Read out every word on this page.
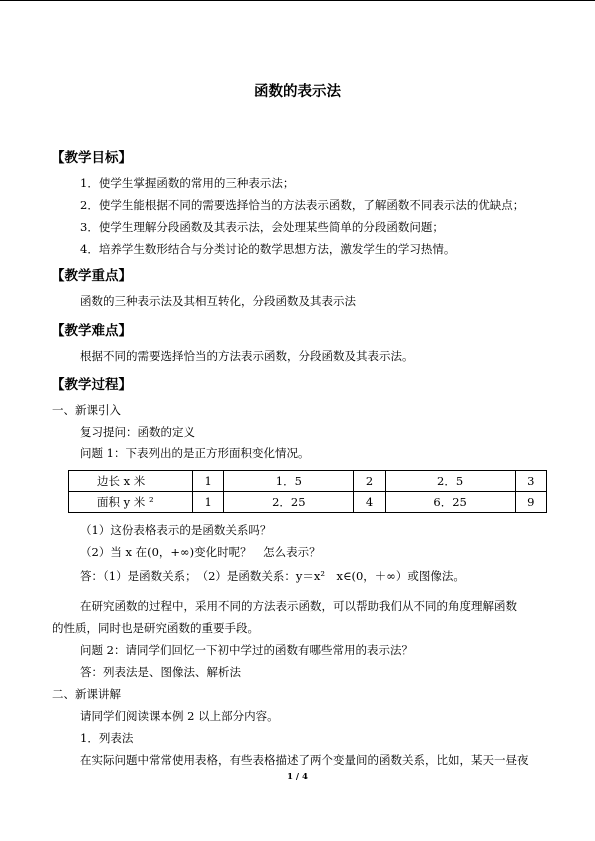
函数的表示法
【教学目标】
1．使学生掌握函数的常用的三种表示法；
2．使学生能根据不同的需要选择恰当的方法表示函数，了解函数不同表示法的优缺点；
3．使学生理解分段函数及其表示法，会处理某些简单的分段函数问题；
4．培养学生数形结合与分类讨论的数学思想方法，激发学生的学习热情。
【教学重点】
函数的三种表示法及其相互转化，分段函数及其表示法
【教学难点】
根据不同的需要选择恰当的方法表示函数，分段函数及其表示法。
【教学过程】
一、新课引入
复习提问：函数的定义
问题 1：下表列出的是正方形面积变化情况。
边长 x 米	1	1．5	2	2．5	3
面积 y 米 ²	1	2．25	4	6．25	9
（1）这份表格表示的是函数关系吗？
（2）当 x 在(0，+∞)变化时呢？　怎么表示？
答：（1）是函数关系；　（2）是函数关系：y＝x²　x∈(0，＋∞）或图像法。
在研究函数的过程中，采用不同的方法表示函数，可以帮助我们从不同的角度理解函数
的性质，同时也是研究函数的重要手段。
问题 2：请同学们回忆一下初中学过的函数有哪些常用的表示法？
答：列表法是、图像法、解析法
二、新课讲解
请同学们阅读课本例 2 以上部分内容。
1．列表法
在实际问题中常常使用表格，有些表格描述了两个变量间的函数关系，比如，某天一昼夜
1 / 4
